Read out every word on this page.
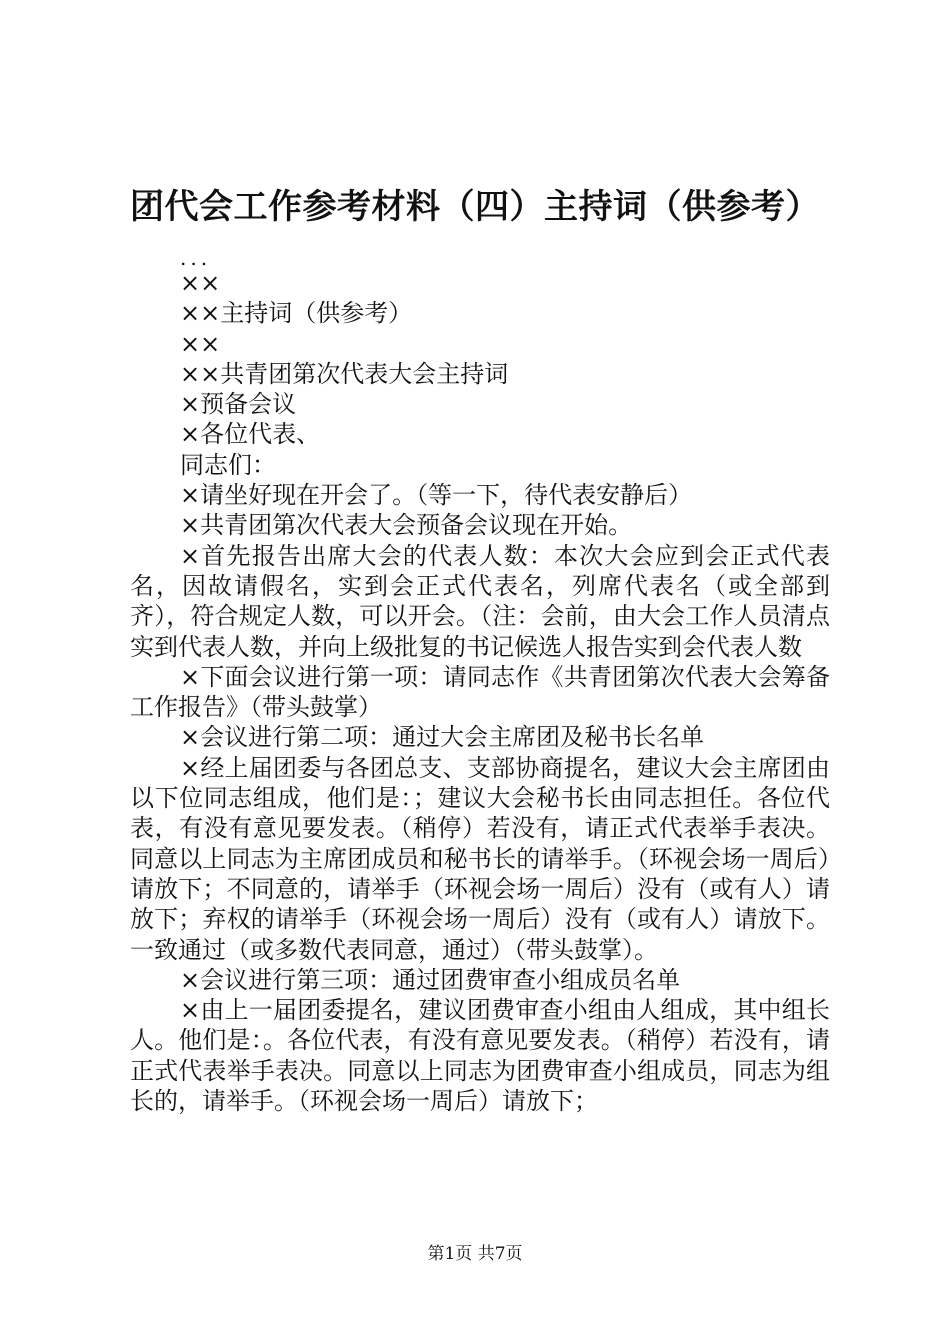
团代会工作参考材料（四）主持词（供参考）
...

××

××主持词（供参考）

××

××共青团第次代表大会主持词

×预备会议

×各位代表、

同志们：

×请坐好现在开会了。（等一下，待代表安静后）

×共青团第次代表大会预备会议现在开始。

×首先报告出席大会的代表人数：本次大会应到会正式代表名，因故请假名，实到会正式代表名，列席代表名（或全部到齐），符合规定人数，可以开会。（注：会前，由大会工作人员清点实到代表人数，并向上级批复的书记候选人报告实到会代表人数

×下面会议进行第一项：请同志作《共青团第次代表大会筹备工作报告》（带头鼓掌）

×会议进行第二项：通过大会主席团及秘书长名单

×经上届团委与各团总支、支部协商提名，建议大会主席团由以下位同志组成，他们是：；建议大会秘书长由同志担任。各位代表，有没有意见要发表。（稍停）若没有，请正式代表举手表决。同意以上同志为主席团成员和秘书长的请举手。（环视会场一周后）请放下；不同意的，请举手（环视会场一周后）没有（或有人）请放下；弃权的请举手（环视会场一周后）没有（或有人）请放下。一致通过（或多数代表同意，通过）（带头鼓掌）。

×会议进行第三项：通过团费审查小组成员名单

×由上一届团委提名，建议团费审查小组由人组成，其中组长人。他们是：。各位代表，有没有意见要发表。（稍停）若没有，请正式代表举手表决。同意以上同志为团费审查小组成员，同志为组长的，请举手。（环视会场一周后）请放下；

第1页 共7页
